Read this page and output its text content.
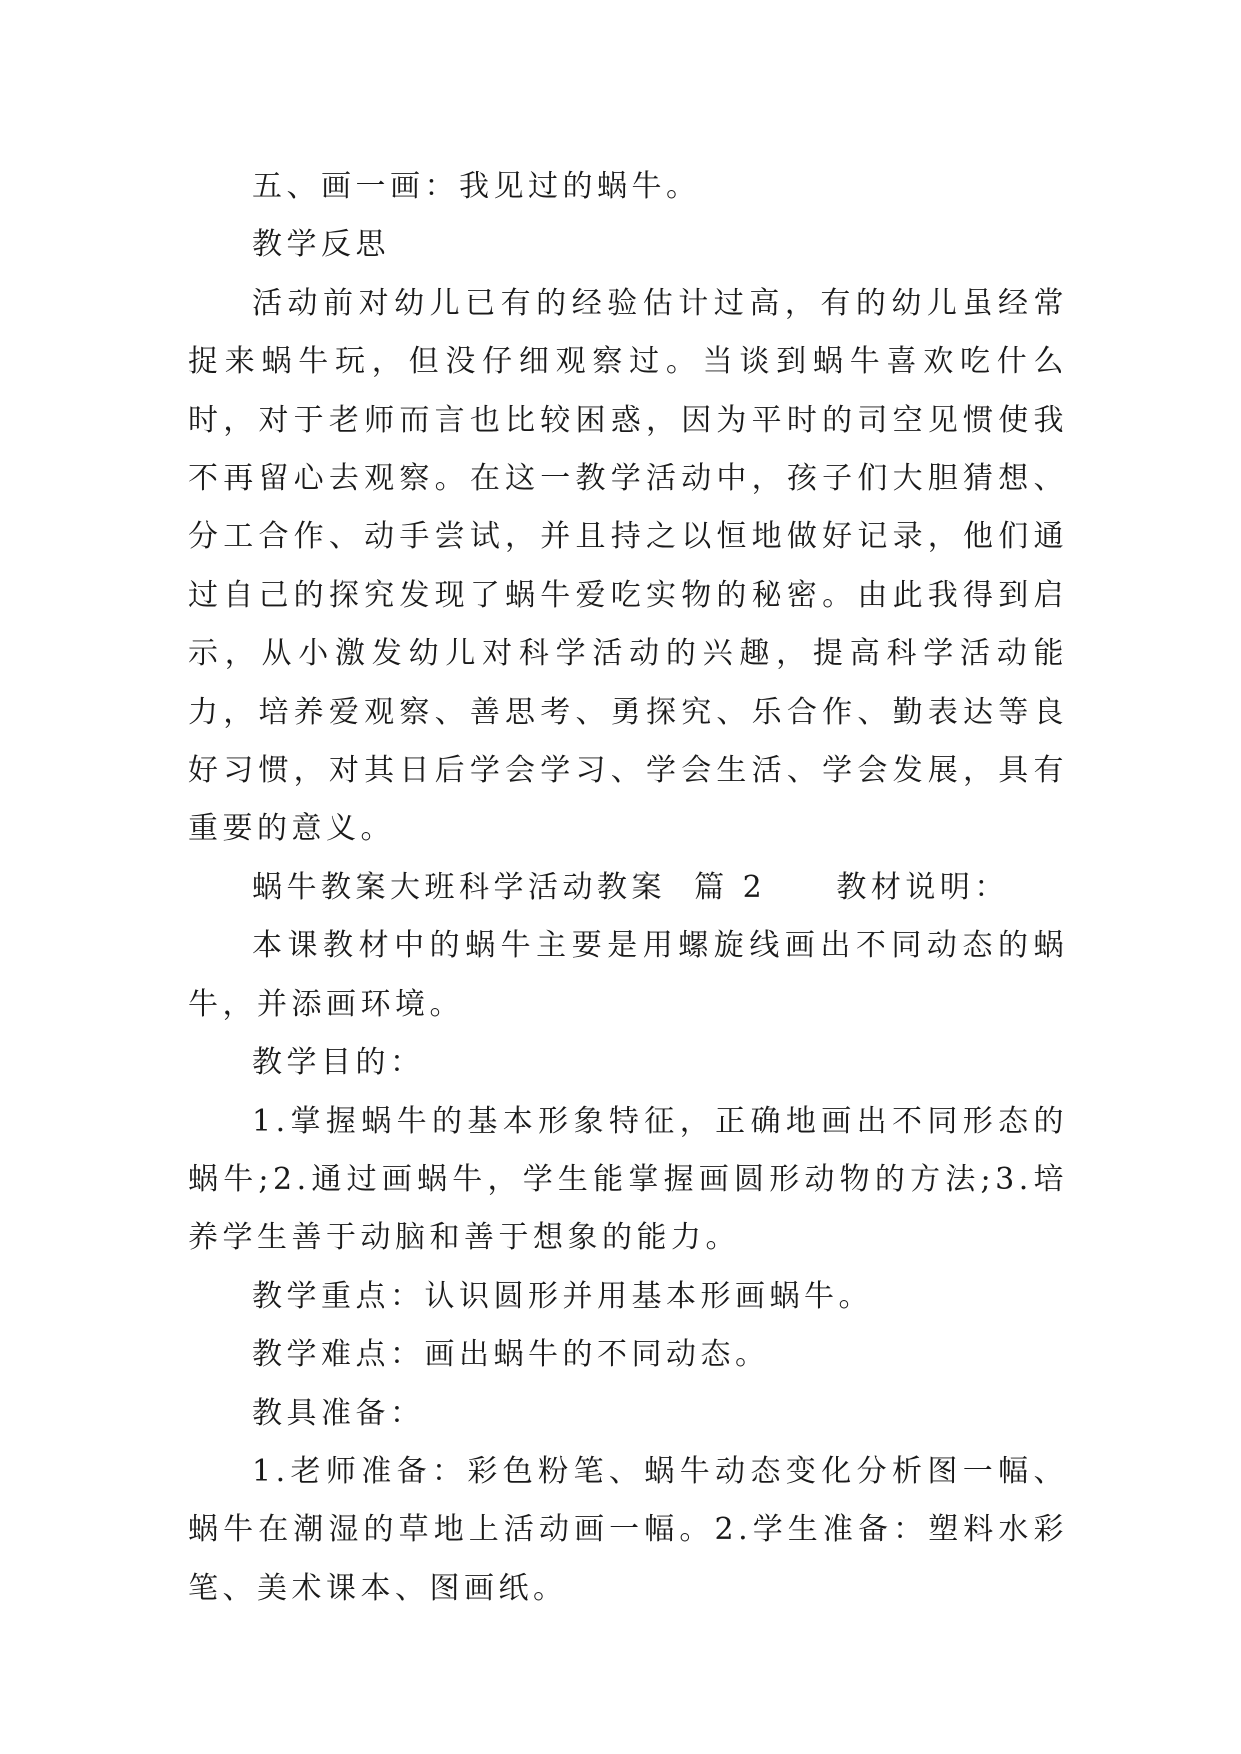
五、画一画：我见过的蜗牛。

教学反思

活动前对幼儿已有的经验估计过高，有的幼儿虽经常捉来蜗牛玩，但没仔细观察过。当谈到蜗牛喜欢吃什么时，对于老师而言也比较困惑，因为平时的司空见惯使我不再留心去观察。在这一教学活动中，孩子们大胆猜想、分工合作、动手尝试，并且持之以恒地做好记录，他们通过自己的探究发现了蜗牛爱吃实物的秘密。由此我得到启示，从小激发幼儿对科学活动的兴趣，提高科学活动能力，培养爱观察、善思考、勇探究、乐合作、勤表达等良好习惯，对其日后学会学习、学会生活、学会发展，具有重要的意义。

蜗牛教案大班科学活动教案  篇 2     教材说明：

本课教材中的蜗牛主要是用螺旋线画出不同动态的蜗牛，并添画环境。

教学目的：

1.掌握蜗牛的基本形象特征，正确地画出不同形态的蜗牛;2.通过画蜗牛，学生能掌握画圆形动物的方法;3.培养学生善于动脑和善于想象的能力。

教学重点：认识圆形并用基本形画蜗牛。

教学难点：画出蜗牛的不同动态。

教具准备：

1.老师准备：彩色粉笔、蜗牛动态变化分析图一幅、蜗牛在潮湿的草地上活动画一幅。2.学生准备：塑料水彩笔、美术课本、图画纸。
